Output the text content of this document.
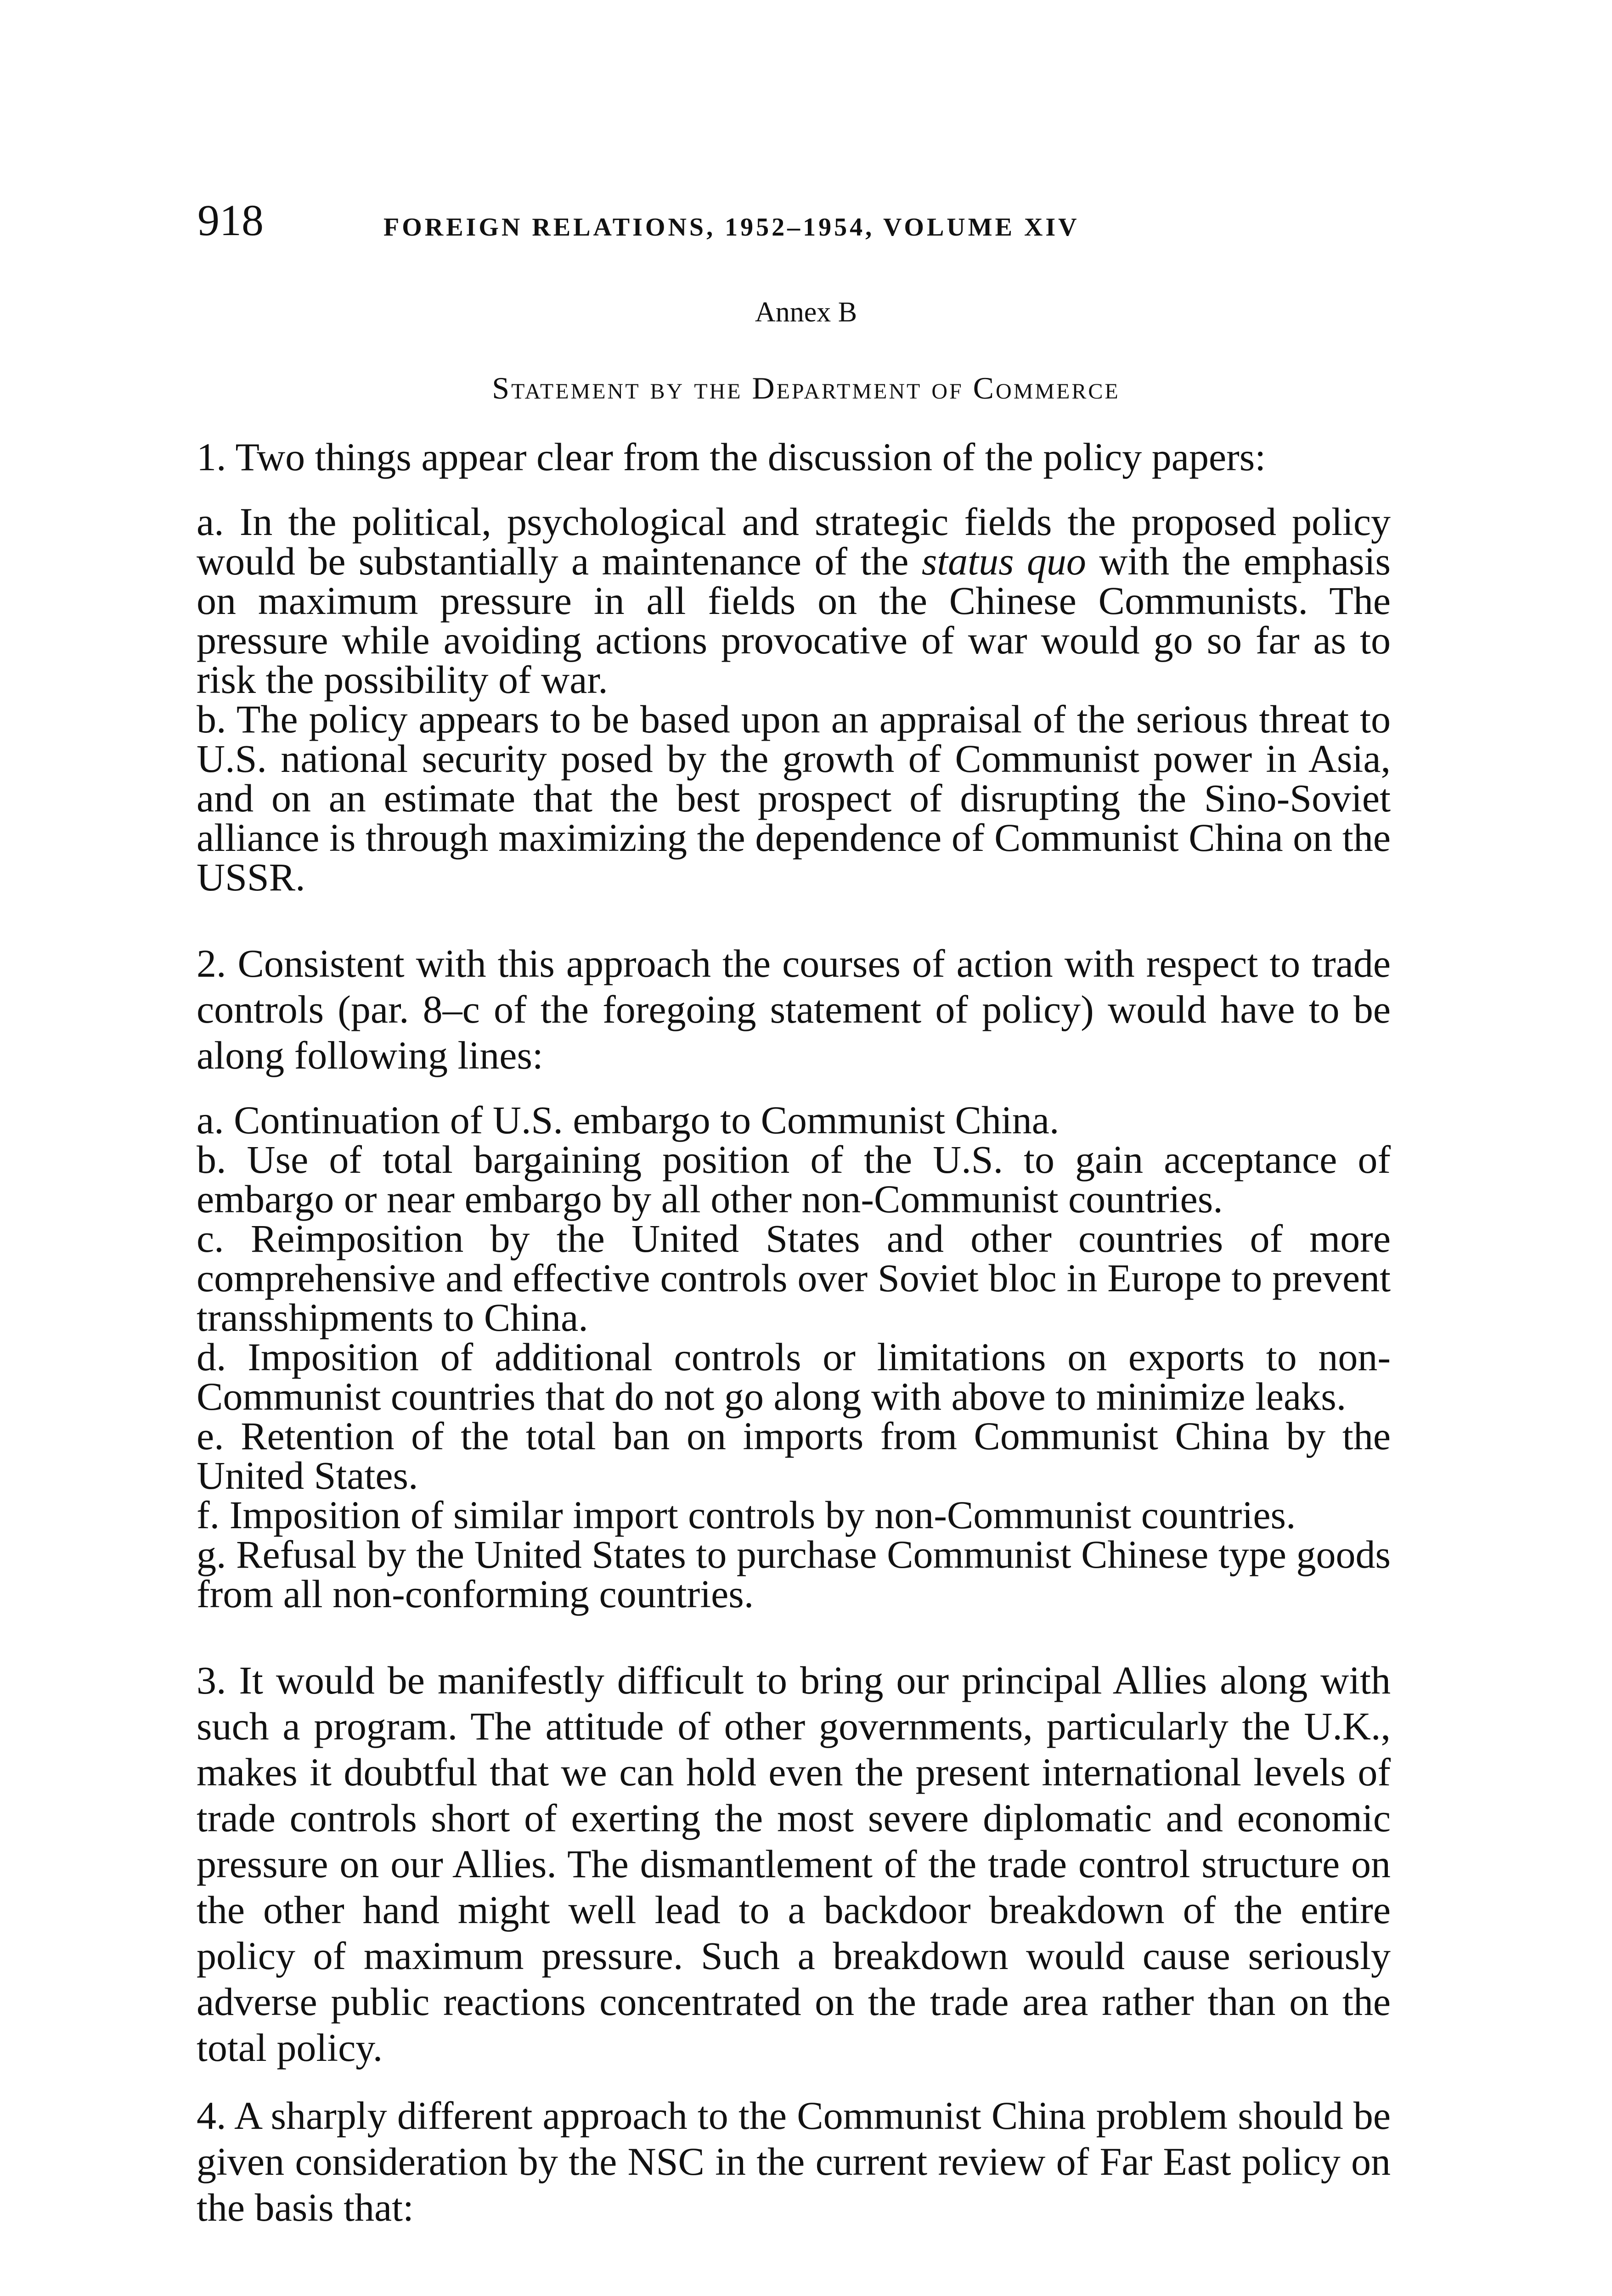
918	FOREIGN RELATIONS, 1952–1954, VOLUME XIV
Annex B
Statement by the Department of Commerce

1. Two things appear clear from the discussion of the policy papers:

a. In the political, psychological and strategic fields the proposed policy would be substantially a maintenance of the status quo with the emphasis on maximum pressure in all fields on the Chinese Communists. The pressure while avoiding actions provocative of war would go so far as to risk the possibility of war.

b. The policy appears to be based upon an appraisal of the serious threat to U.S. national security posed by the growth of Communist power in Asia, and on an estimate that the best prospect of disrupting the Sino-Soviet alliance is through maximizing the dependence of Communist China on the USSR.

2. Consistent with this approach the courses of action with respect to trade controls (par. 8–c of the foregoing statement of policy) would have to be along following lines:

a. Continuation of U.S. embargo to Communist China.

b. Use of total bargaining position of the U.S. to gain acceptance of embargo or near embargo by all other non-Communist countries.

c. Reimposition by the United States and other countries of more comprehensive and effective controls over Soviet bloc in Europe to prevent transshipments to China.

d. Imposition of additional controls or limitations on exports to non-Communist countries that do not go along with above to minimize leaks.

e. Retention of the total ban on imports from Communist China by the United States.

f. Imposition of similar import controls by non-Communist countries.

g. Refusal by the United States to purchase Communist Chinese type goods from all non-conforming countries.

3. It would be manifestly difficult to bring our principal Allies along with such a program. The attitude of other governments, particularly the U.K., makes it doubtful that we can hold even the present international levels of trade controls short of exerting the most severe diplomatic and economic pressure on our Allies. The dismantlement of the trade control structure on the other hand might well lead to a backdoor breakdown of the entire policy of maximum pressure. Such a breakdown would cause seriously adverse public reactions concentrated on the trade area rather than on the total policy.

4. A sharply different approach to the Communist China problem should be given consideration by the NSC in the current review of Far East policy on the basis that:
